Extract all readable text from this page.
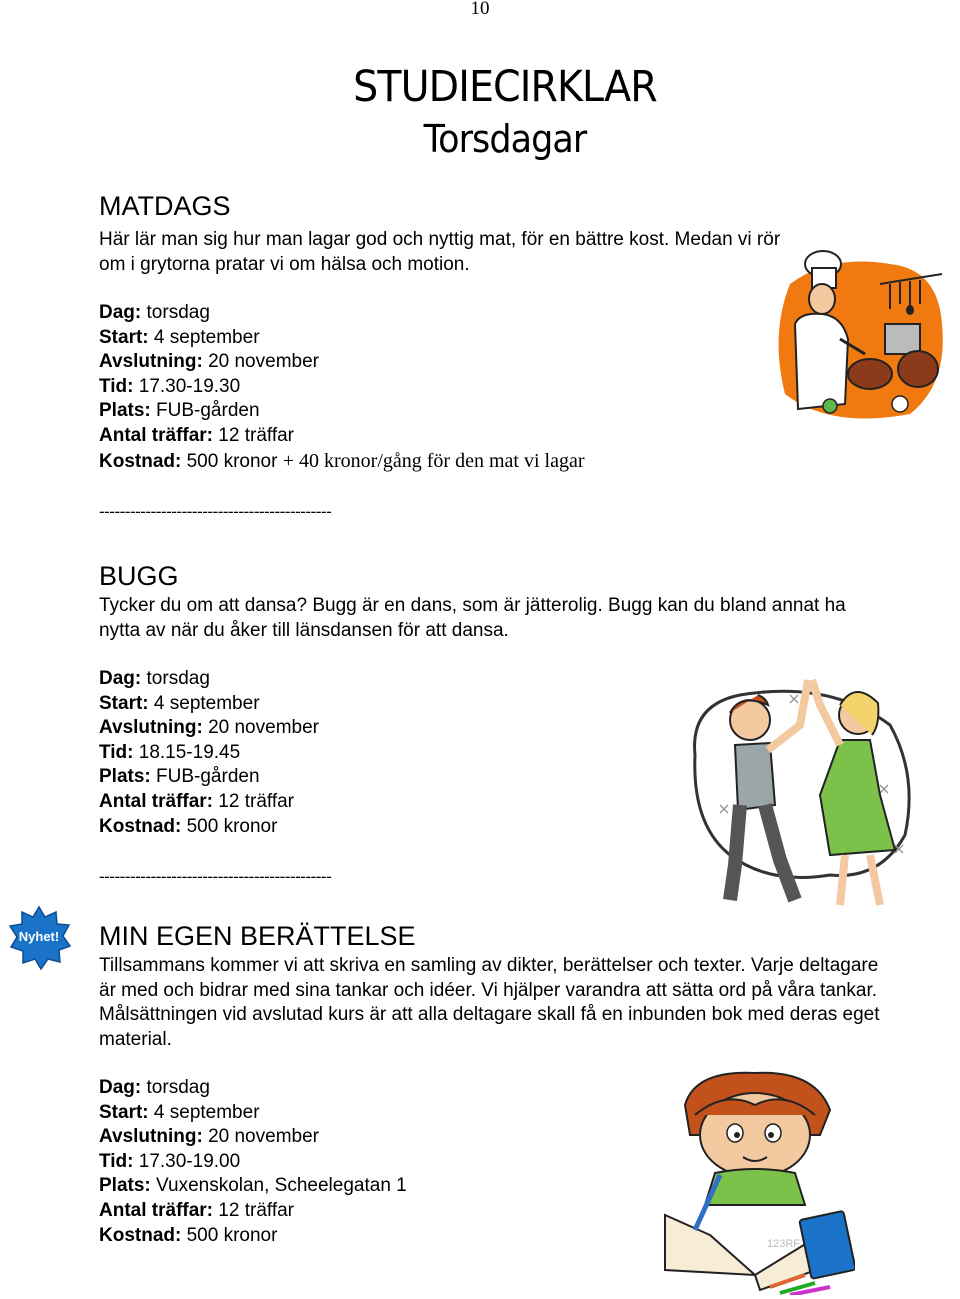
10
STUDIECIRKLAR
Torsdagar
MATDAGS

Här lär man sig hur man lagar god och nyttig mat, för en bättre kost. Medan vi rör om i grytorna pratar vi om hälsa och motion.

Dag: torsdag
Start: 4 september
Avslutning: 20 november
Tid: 17.30-19.30
Plats: FUB-gården
Antal träffar: 12 träffar
Kostnad: 500 kronor + 40 kronor/gång för den mat vi lagar
---------------------------------------------
BUGG

Tycker du om att dansa? Bugg är en dans, som är jätterolig. Bugg kan du bland annat ha nytta av när du åker till länsdansen för att dansa.

Dag: torsdag
Start: 4 september
Avslutning: 20 november
Tid: 18.15-19.45
Plats: FUB-gården
Antal träffar: 12 träffar
Kostnad: 500 kronor
---------------------------------------------
Nyhet!	MIN EGEN BERÄTTELSE

Tillsammans kommer vi att skriva en samling av dikter, berättelser och texter. Varje deltagare är med och bidrar med sina tankar och idéer. Vi hjälper varandra att sätta ord på våra tankar. Målsättningen vid avslutad kurs är att alla deltagare skall få en inbunden bok med deras eget material.

Dag: torsdag
Start: 4 september
Avslutning: 20 november
Tid: 17.30-19.00
Plats: Vuxenskolan, Scheelegatan 1
Antal träffar: 12 träffar
Kostnad: 500 kronor	123RF
